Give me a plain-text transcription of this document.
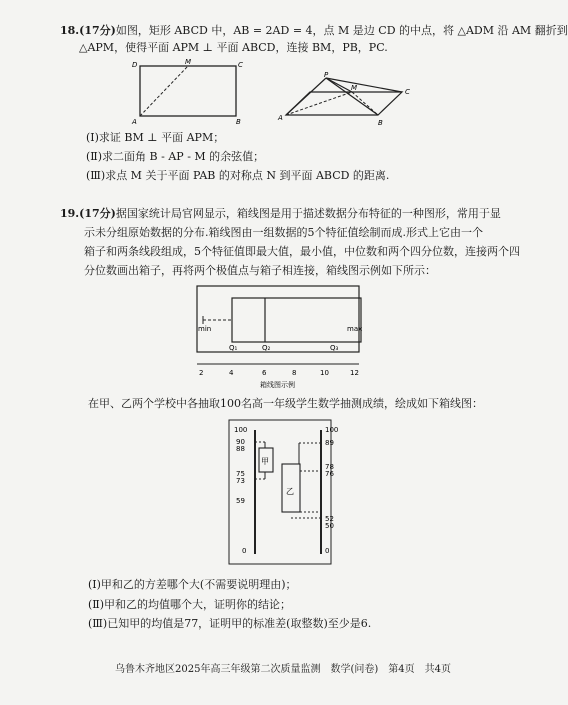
18.(17分)如图，矩形 ABCD 中，AB = 2AD = 4，点 M 是边 CD 的中点，将 △ADM 沿 AM 翻折到
△APM，使得平面 APM ⊥ 平面 ABCD，连接 BM，PB，PC.
D	M	C
A	B
P
M	C
A
B
(Ⅰ)求证 BM ⊥ 平面 APM；
(Ⅱ)求二面角 B - AP - M 的余弦值；
(Ⅲ)求点 M 关于平面 PAB 的对称点 N 到平面 ABCD 的距离.
19.(17分)据国家统计局官网显示，箱线图是用于描述数据分布特征的一种图形，常用于显
示未分组原始数据的分布.箱线图由一组数据的5个特征值绘制而成.形式上它由一个
箱子和两条线段组成，5个特征值即最大值，最小值，中位数和两个四分位数，连接两个四
分位数画出箱子，再将两个极值点与箱子相连接，箱线图示例如下所示：
min	max
Q₁	Q₂	Q₃
2	4	6	8	10	12
箱线图示例
在甲、乙两个学校中各抽取100名高一年级学生数学抽测成绩，绘成如下箱线图：
100
90
88
75
73
59
0
甲
100
89
78
76
52
50
0
乙
(Ⅰ)甲和乙的方差哪个大(不需要说明理由)；
(Ⅱ)甲和乙的均值哪个大，证明你的结论；
(Ⅲ)已知甲的均值是77，证明甲的标准差(取整数)至少是6.
乌鲁木齐地区2025年高三年级第二次质量监测　数学(问卷)　第4页　共4页
